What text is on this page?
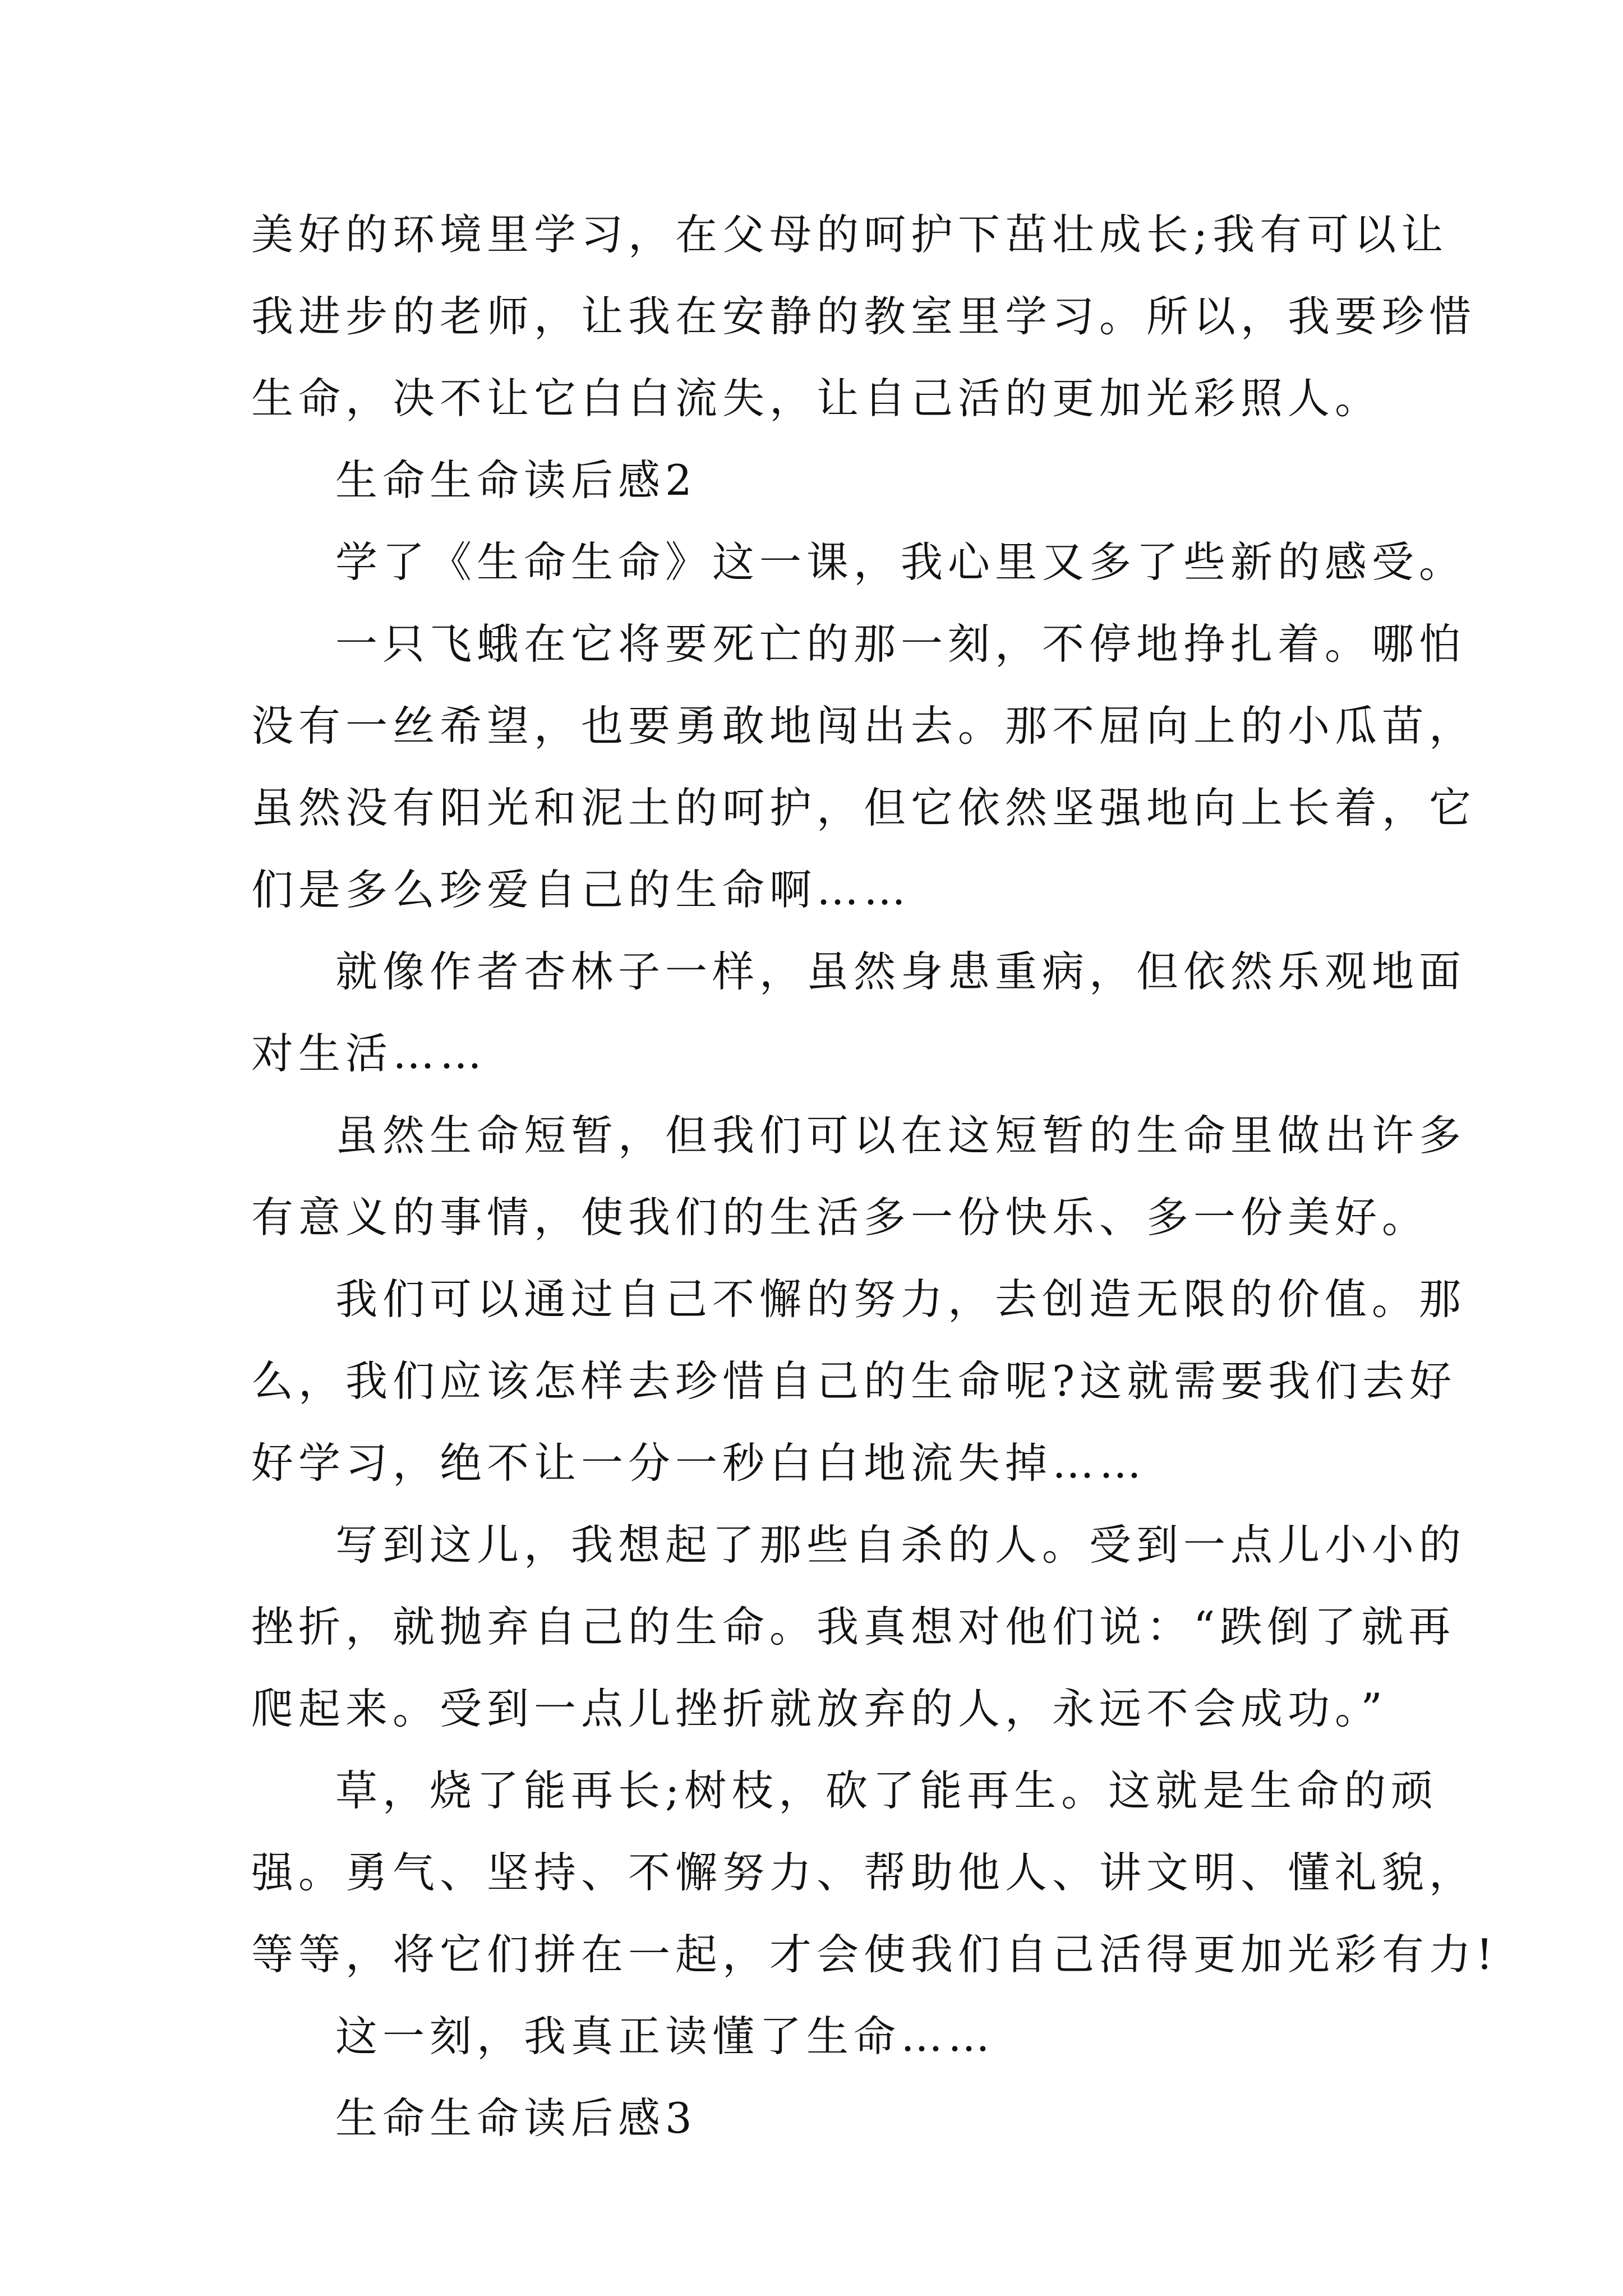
美好的环境里学习，在父母的呵护下茁壮成长;我有可以让
我进步的老师，让我在安静的教室里学习。所以，我要珍惜
生命，决不让它白白流失，让自己活的更加光彩照人。
生命生命读后感2
学了《生命生命》这一课，我心里又多了些新的感受。
一只飞蛾在它将要死亡的那一刻，不停地挣扎着。哪怕
没有一丝希望，也要勇敢地闯出去。那不屈向上的小瓜苗，
虽然没有阳光和泥土的呵护，但它依然坚强地向上长着，它
们是多么珍爱自己的生命啊……
就像作者杏林子一样，虽然身患重病，但依然乐观地面
对生活……
虽然生命短暂，但我们可以在这短暂的生命里做出许多
有意义的事情，使我们的生活多一份快乐、多一份美好。
我们可以通过自己不懈的努力，去创造无限的价值。那
么，我们应该怎样去珍惜自己的生命呢?这就需要我们去好
好学习，绝不让一分一秒白白地流失掉……
写到这儿，我想起了那些自杀的人。受到一点儿小小的
挫折，就抛弃自己的生命。我真想对他们说：“跌倒了就再
爬起来。受到一点儿挫折就放弃的人，永远不会成功。”
草，烧了能再长;树枝，砍了能再生。这就是生命的顽
强。勇气、坚持、不懈努力、帮助他人、讲文明、懂礼貌，
等等，将它们拼在一起，才会使我们自己活得更加光彩有力!
这一刻，我真正读懂了生命……
生命生命读后感3
